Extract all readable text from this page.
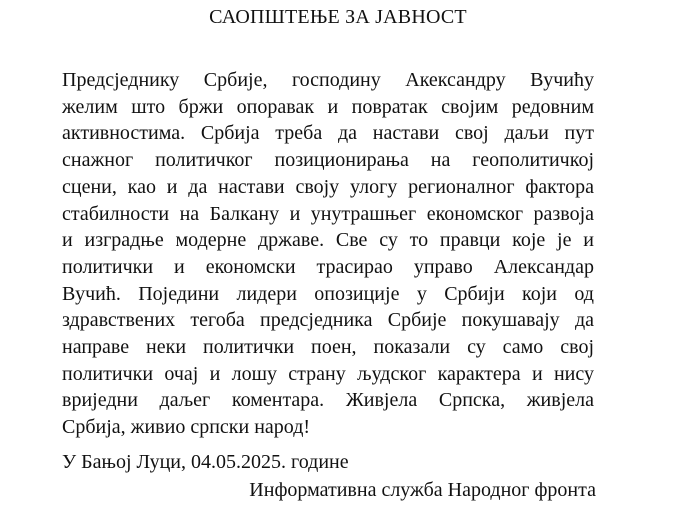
САОПШТЕЊЕ ЗА ЈАВНОСТ
Предсједнику Србије, господину Акександру Вучићу
желим што бржи опоравак и повратак својим редовним
активностима. Србија треба да настави свој даљи пут
снажног политичког позиционирања на геополитичкој
сцени, као и да настави своју улогу регионалног фактора
стабилности на Балкану и унутрашњег економског развоја
и изградње модерне државе. Све су то правци које је и
политички и економски трасирао управо Александар
Вучић. Поједини лидери опозиције у Србији који од
здравствених тегоба предсједника Србије покушавају да
направе неки политички поен, показали су само свој
политички очај и лошу страну људског карактера и нису
вриједни даљег коментара. Живјела Српска, живјела
Србија, живио српски народ!
У Бањој Луци, 04.05.2025. године
Информативна служба Народног фронта
